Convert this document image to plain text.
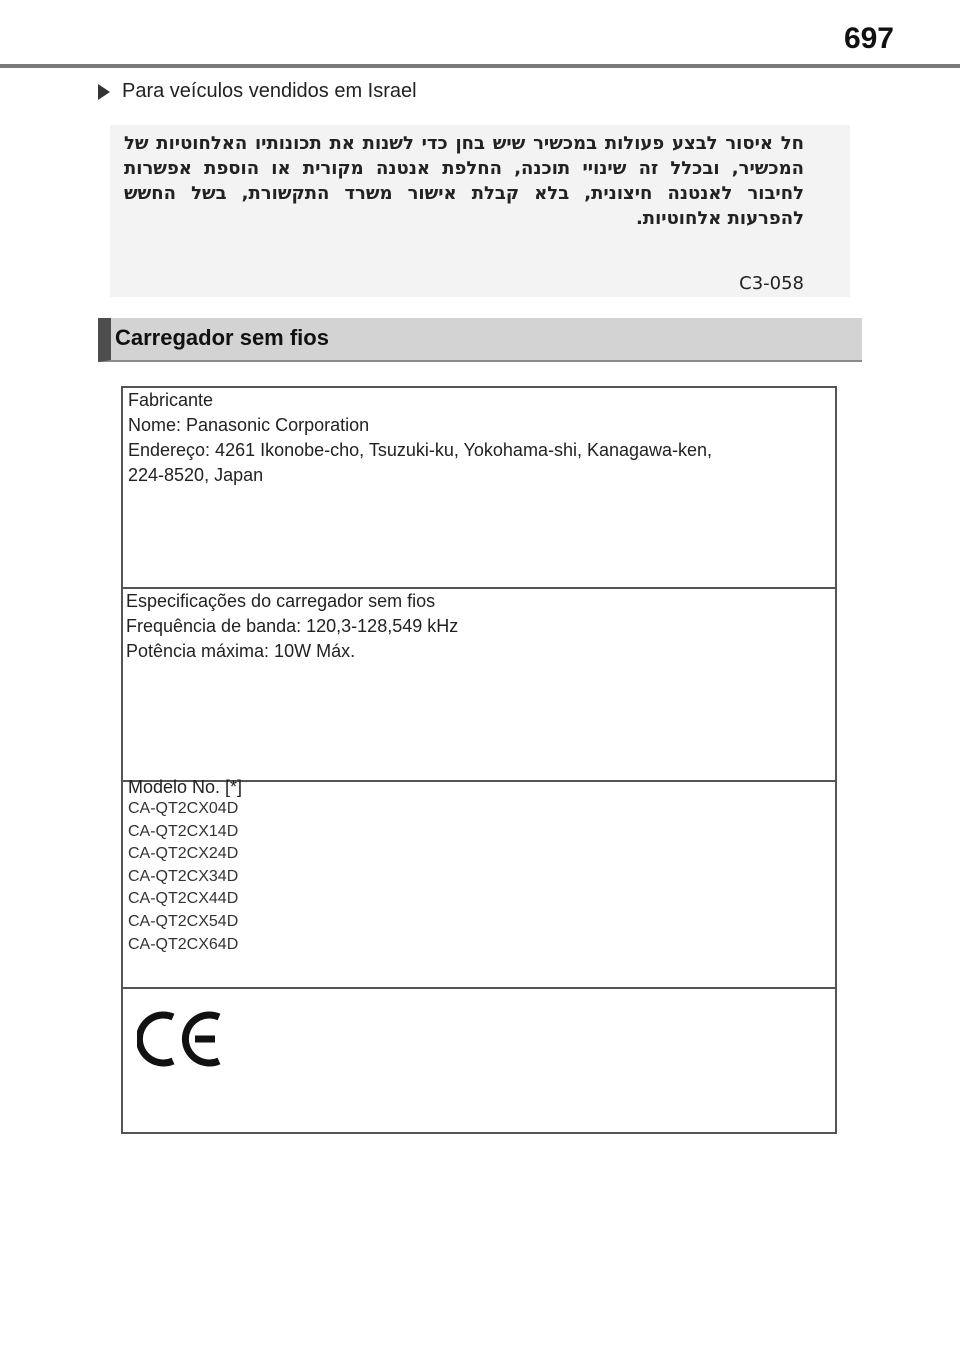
697
Para veículos vendidos em Israel
חל איסור לבצע פעולות במכשיר שיש בחן כדי לשנות את תכונותיו האלחוטיות של המכשיר, ובכלל זה שינויי תוכנה, החלפת אנטנה מקורית או הוספת אפשרות לחיבור לאנטנה חיצונית, בלא קבלת אישור משרד התקשורת, בשל החשש להפרעות אלחוטיות.
C3-058
Carregador sem fios

Fabricante

Nome: Panasonic Corporation

Endereço: 4261 Ikonobe-cho, Tsuzuki-ku, Yokohama-shi, Kanagawa-ken,

224-8520, Japan

Especificações do carregador sem fios

Frequência de banda: 120,3-128,549 kHz

Potência máxima: 10W Máx.

Modelo No. [*]

CA-QT2CX04D

CA-QT2CX14D

CA-QT2CX24D

CA-QT2CX34D

CA-QT2CX44D

CA-QT2CX54D

CA-QT2CX64D
